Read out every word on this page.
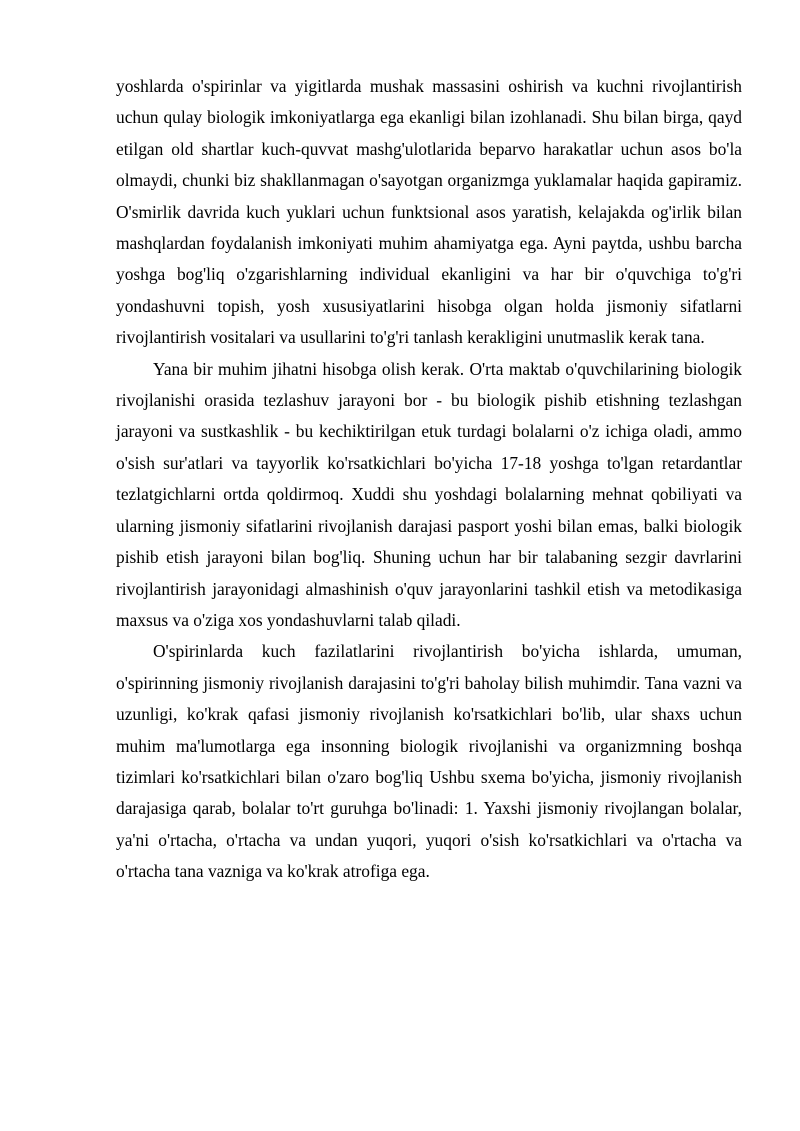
yoshlarda o'spirinlar va yigitlarda mushak massasini oshirish va kuchni rivojlantirish uchun qulay biologik imkoniyatlarga ega ekanligi bilan izohlanadi. Shu bilan birga, qayd etilgan old shartlar kuch-quvvat mashg'ulotlarida beparvo harakatlar uchun asos bo'la olmaydi, chunki biz shakllanmagan o'sayotgan organizmga yuklamalar haqida gapiramiz. O'smirlik davrida kuch yuklari uchun funktsional asos yaratish, kelajakda og'irlik bilan mashqlardan foydalanish imkoniyati muhim ahamiyatga ega. Ayni paytda, ushbu barcha yoshga bog'liq o'zgarishlarning individual ekanligini va har bir o'quvchiga to'g'ri yondashuvni topish, yosh xususiyatlarini hisobga olgan holda jismoniy sifatlarni rivojlantirish vositalari va usullarini to'g'ri tanlash kerakligini unutmaslik kerak tana.

Yana bir muhim jihatni hisobga olish kerak. O'rta maktab o'quvchilarining biologik rivojlanishi orasida tezlashuv jarayoni bor - bu biologik pishib etishning tezlashgan jarayoni va sustkashlik - bu kechiktirilgan etuk turdagi bolalarni o'z ichiga oladi, ammo o'sish sur'atlari va tayyorlik ko'rsatkichlari bo'yicha 17-18 yoshga to'lgan retardantlar tezlatgichlarni ortda qoldirmoq. Xuddi shu yoshdagi bolalarning mehnat qobiliyati va ularning jismoniy sifatlarini rivojlanish darajasi pasport yoshi bilan emas, balki biologik pishib etish jarayoni bilan bog'liq. Shuning uchun har bir talabaning sezgir davrlarini rivojlantirish jarayonidagi almashinish o'quv jarayonlarini tashkil etish va metodikasiga maxsus va o'ziga xos yondashuvlarni talab qiladi.

O'spirinlarda kuch fazilatlarini rivojlantirish bo'yicha ishlarda, umuman, o'spirinning jismoniy rivojlanish darajasini to'g'ri baholay bilish muhimdir. Tana vazni va uzunligi, ko'krak qafasi jismoniy rivojlanish ko'rsatkichlari bo'lib, ular shaxs uchun muhim ma'lumotlarga ega insonning biologik rivojlanishi va organizmning boshqa tizimlari ko'rsatkichlari bilan o'zaro bog'liq Ushbu sxema bo'yicha, jismoniy rivojlanish darajasiga qarab, bolalar to'rt guruhga bo'linadi: 1. Yaxshi jismoniy rivojlangan bolalar, ya'ni o'rtacha, o'rtacha va undan yuqori, yuqori o'sish ko'rsatkichlari va o'rtacha va o'rtacha tana vazniga va ko'krak atrofiga ega.
